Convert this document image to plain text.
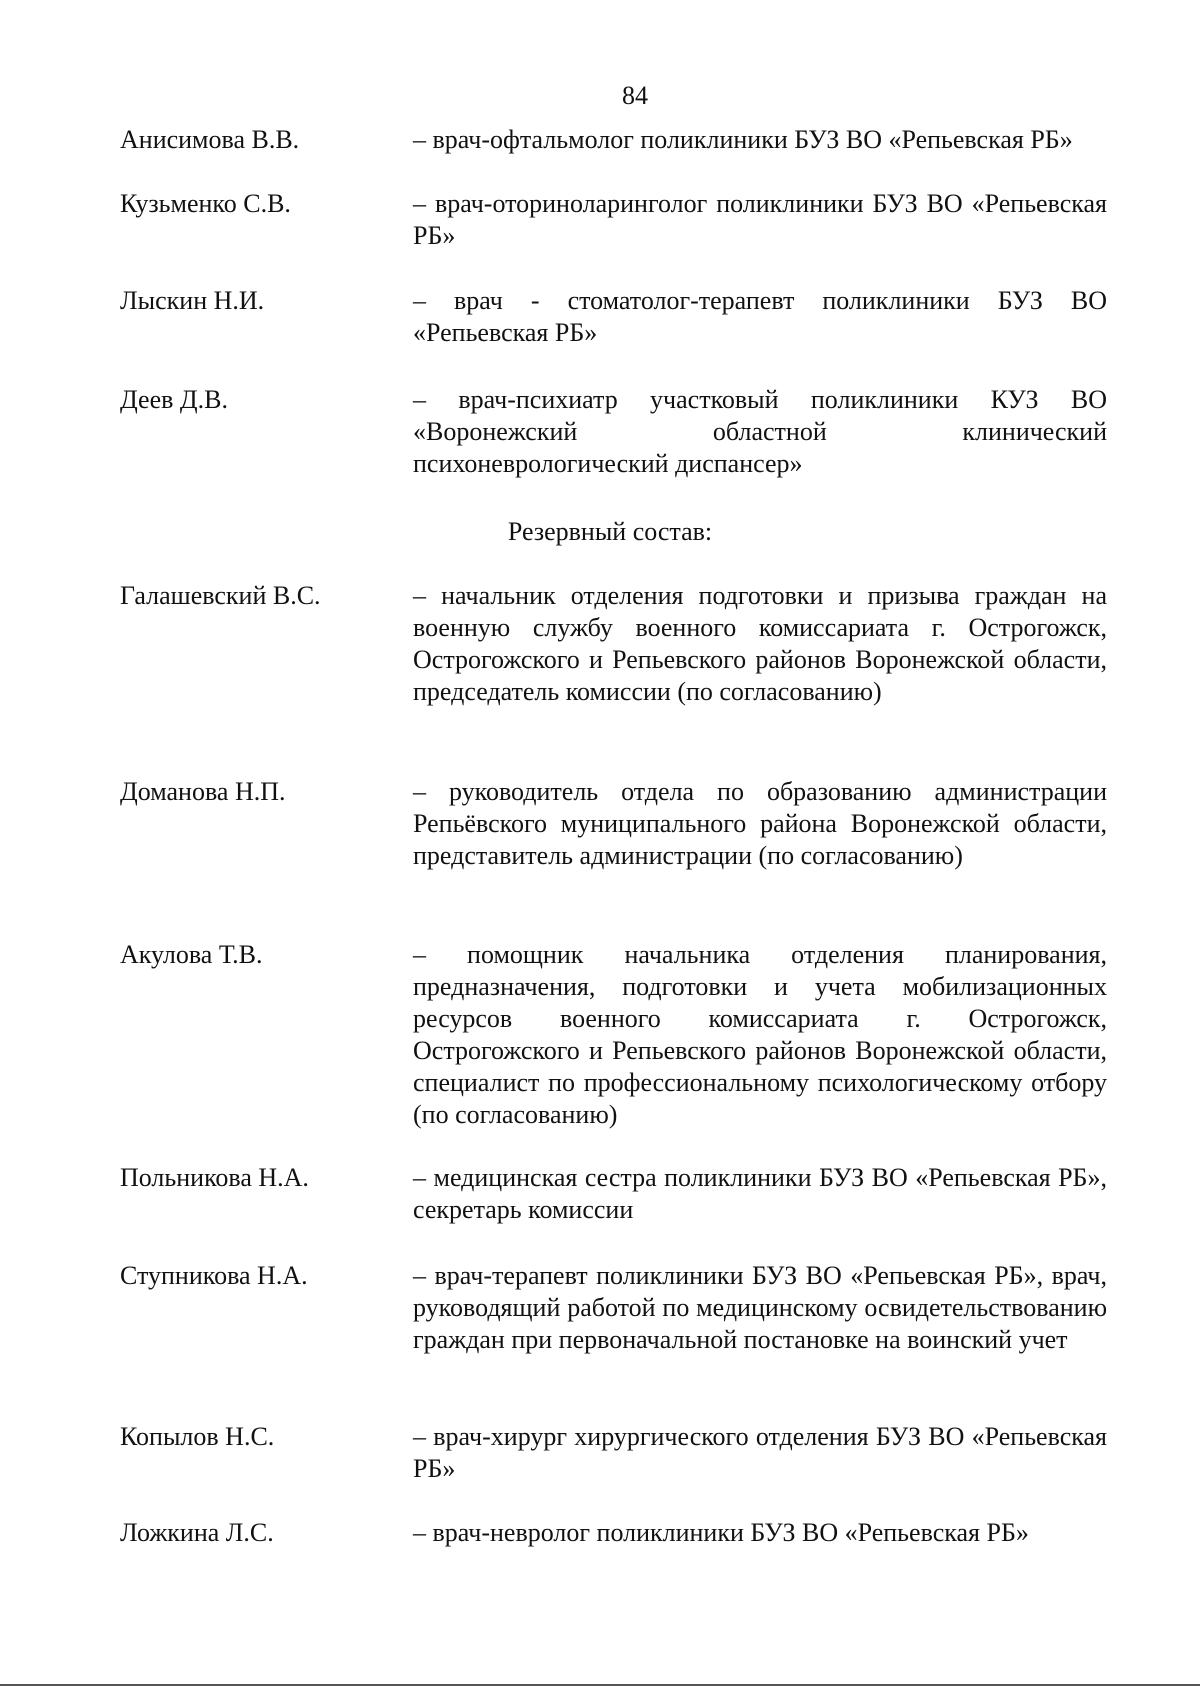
84
Анисимова В.В.	– врач-офтальмолог поликлиники БУЗ ВО «Репьевская РБ»
Кузьменко С.В.	– врач-оториноларинголог поликлиники БУЗ ВО «Репьевская РБ»
Лыскин Н.И.	– врач - стоматолог-терапевт поликлиники БУЗ ВО «Репьевская РБ»
Деев Д.В.	– врач-психиатр участковый поликлиники КУЗ ВО «Воронежский областной клинический психоневрологический диспансер»
Резервный состав:
Галашевский В.С.	– начальник отделения подготовки и призыва граждан на военную службу военного комиссариата г. Острогожск, Острогожского и Репьевского районов Воронежской области, председатель комиссии (по согласованию)
Доманова Н.П.	– руководитель отдела по образованию администрации Репьёвского муниципального района Воронежской области, представитель администрации (по согласованию)
Акулова Т.В.	– помощник начальника отделения планирования, предназначения, подготовки и учета мобилизационных ресурсов военного комиссариата г. Острогожск, Острогожского и Репьевского районов Воронежской области, специалист по профессиональному психологическому отбору (по согласованию)
Польникова Н.А.	– медицинская сестра поликлиники БУЗ ВО «Репьевская РБ», секретарь комиссии
Ступникова Н.А.	– врач-терапевт поликлиники БУЗ ВО «Репьевская РБ», врач, руководящий работой по медицинскому освидетельствованию граждан при первоначальной постановке на воинский учет
Копылов Н.С.	– врач-хирург хирургического отделения БУЗ ВО «Репьевская РБ»
Ложкина Л.С.	– врач-невролог поликлиники БУЗ ВО «Репьевская РБ»
